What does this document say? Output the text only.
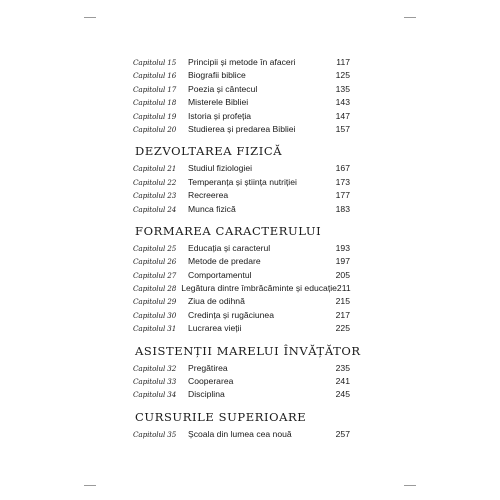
Capitolul 15	Principii și metode în afaceri	117
Capitolul 16	Biografii biblice	125
Capitolul 17	Poezia și cântecul	135
Capitolul 18	Misterele Bibliei	143
Capitolul 19	Istoria și profeția	147
Capitolul 20	Studierea și predarea Bibliei	157
DEZVOLTAREA FIZICĂ
Capitolul 21	Studiul fiziologiei	167
Capitolul 22	Temperanța și știința nutriției	173
Capitolul 23	Recreerea	177
Capitolul 24	Munca fizică	183
FORMAREA CARACTERULUI
Capitolul 25	Educația și caracterul	193
Capitolul 26	Metode de predare	197
Capitolul 27	Comportamentul	205
Capitolul 28 Legătura dintre îmbrăcăminte și educație 211
Capitolul 29	Ziua de odihnă	215
Capitolul 30	Credința și rugăciunea	217
Capitolul 31	Lucrarea vieții	225
ASISTENȚII MARELUI ÎNVĂȚĂTOR
Capitolul 32	Pregătirea	235
Capitolul 33	Cooperarea	241
Capitolul 34	Disciplina	245
CURSURILE SUPERIOARE
Capitolul 35	Școala din lumea cea nouă	257
